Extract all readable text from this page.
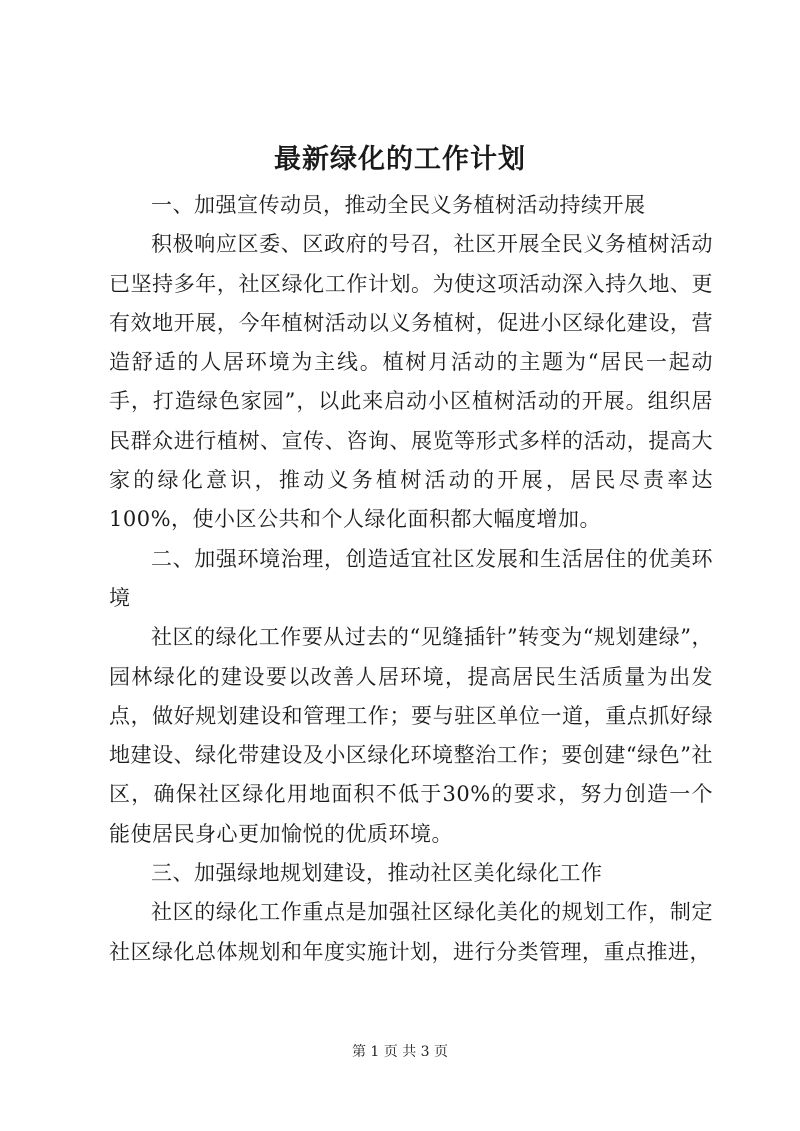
最新绿化的工作计划

一、加强宣传动员，推动全民义务植树活动持续开展

积极响应区委、区政府的号召，社区开展全民义务植树活动已坚持多年，社区绿化工作计划。为使这项活动深入持久地、更有效地开展，今年植树活动以义务植树，促进小区绿化建设，营造舒适的人居环境为主线。植树月活动的主题为“居民一起动手，打造绿色家园”，以此来启动小区植树活动的开展。组织居民群众进行植树、宣传、咨询、展览等形式多样的活动，提高大家的绿化意识，推动义务植树活动的开展，居民尽责率达100%，使小区公共和个人绿化面积都大幅度增加。

二、加强环境治理，创造适宜社区发展和生活居住的优美环境

社区的绿化工作要从过去的“见缝插针”转变为“规划建绿”，园林绿化的建设要以改善人居环境，提高居民生活质量为出发点，做好规划建设和管理工作；要与驻区单位一道，重点抓好绿地建设、绿化带建设及小区绿化环境整治工作；要创建“绿色”社区，确保社区绿化用地面积不低于30%的要求，努力创造一个能使居民身心更加愉悦的优质环境。

三、加强绿地规划建设，推动社区美化绿化工作

社区的绿化工作重点是加强社区绿化美化的规划工作，制定社区绿化总体规划和年度实施计划，进行分类管理，重点推进，

第 1 页 共 3 页
